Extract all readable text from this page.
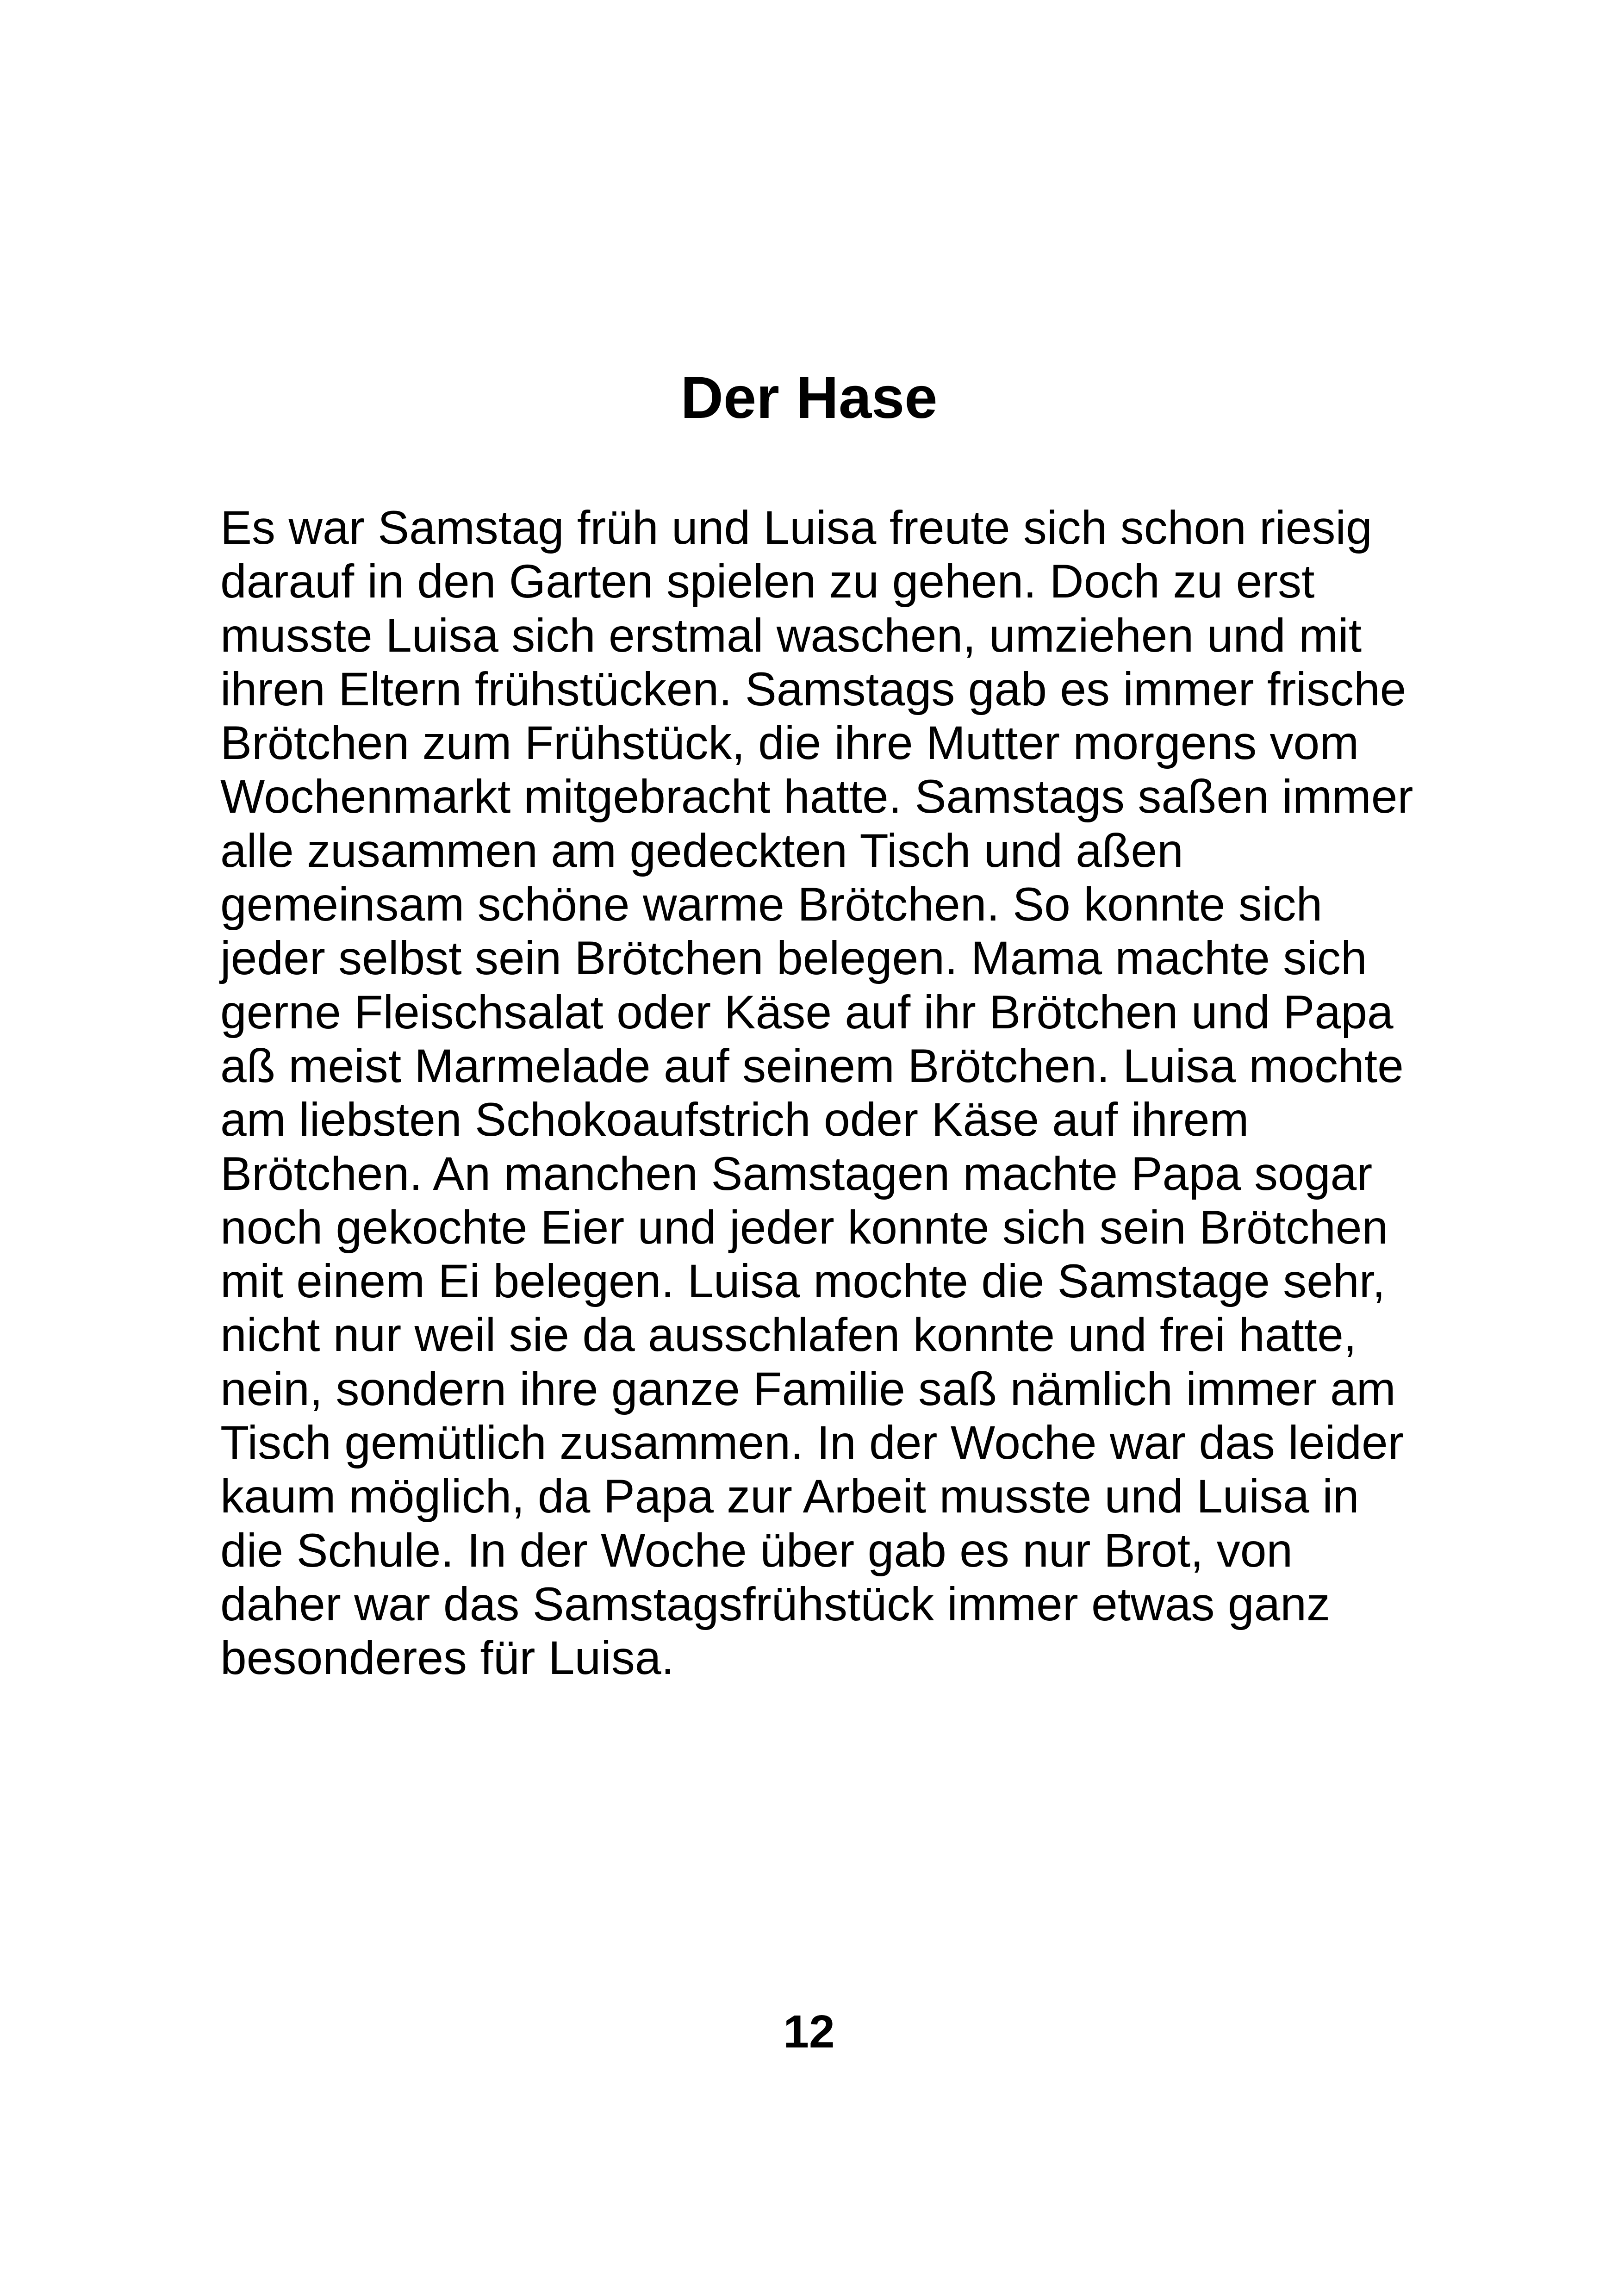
Der Hase
Es war Samstag früh und Luisa freute sich schon riesig
darauf in den Garten spielen zu gehen. Doch zu erst
musste Luisa sich erstmal waschen, umziehen und mit
ihren Eltern frühstücken. Samstags gab es immer frische
Brötchen zum Frühstück, die ihre Mutter morgens vom
Wochenmarkt mitgebracht hatte. Samstags saßen immer
alle zusammen am gedeckten Tisch und aßen
gemeinsam schöne warme Brötchen. So konnte sich
jeder selbst sein Brötchen belegen. Mama machte sich
gerne Fleischsalat oder Käse auf ihr Brötchen und Papa
aß meist Marmelade auf seinem Brötchen. Luisa mochte
am liebsten Schokoaufstrich oder Käse auf ihrem
Brötchen. An manchen Samstagen machte Papa sogar
noch gekochte Eier und jeder konnte sich sein Brötchen
mit einem Ei belegen. Luisa mochte die Samstage sehr,
nicht nur weil sie da ausschlafen konnte und frei hatte,
nein, sondern ihre ganze Familie saß nämlich immer am
Tisch gemütlich zusammen. In der Woche war das leider
kaum möglich, da Papa zur Arbeit musste und Luisa in
die Schule. In der Woche über gab es nur Brot, von
daher war das Samstagsfrühstück immer etwas ganz
besonderes für Luisa.
12
